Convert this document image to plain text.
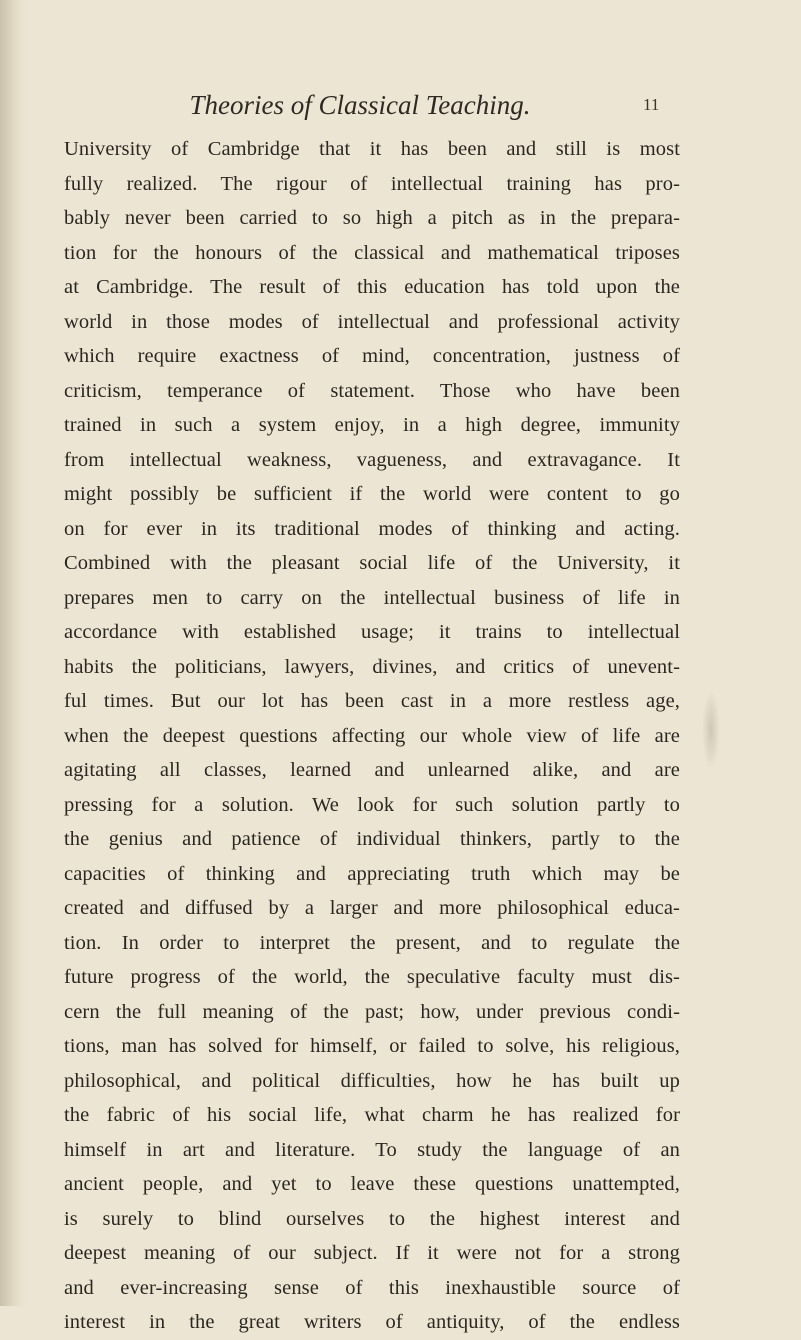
Theories of Classical Teaching.	11
University of Cambridge that it has been and still is most
fully realized. The rigour of intellectual training has pro-
bably never been carried to so high a pitch as in the prepara-
tion for the honours of the classical and mathematical triposes
at Cambridge. The result of this education has told upon the
world in those modes of intellectual and professional activity
which require exactness of mind, concentration, justness of
criticism, temperance of statement. Those who have been
trained in such a system enjoy, in a high degree, immunity
from intellectual weakness, vagueness, and extravagance. It
might possibly be sufficient if the world were content to go
on for ever in its traditional modes of thinking and acting.
Combined with the pleasant social life of the University, it
prepares men to carry on the intellectual business of life in
accordance with established usage; it trains to intellectual
habits the politicians, lawyers, divines, and critics of unevent-
ful times. But our lot has been cast in a more restless age,
when the deepest questions affecting our whole view of life are
agitating all classes, learned and unlearned alike, and are
pressing for a solution. We look for such solution partly to
the genius and patience of individual thinkers, partly to the
capacities of thinking and appreciating truth which may be
created and diffused by a larger and more philosophical educa-
tion. In order to interpret the present, and to regulate the
future progress of the world, the speculative faculty must dis-
cern the full meaning of the past; how, under previous condi-
tions, man has solved for himself, or failed to solve, his religious,
philosophical, and political difficulties, how he has built up
the fabric of his social life, what charm he has realized for
himself in art and literature. To study the language of an
ancient people, and yet to leave these questions unattempted,
is surely to blind ourselves to the highest interest and
deepest meaning of our subject. If it were not for a strong
and ever-increasing sense of this inexhaustible source of
interest in the great writers of antiquity, of the endless
